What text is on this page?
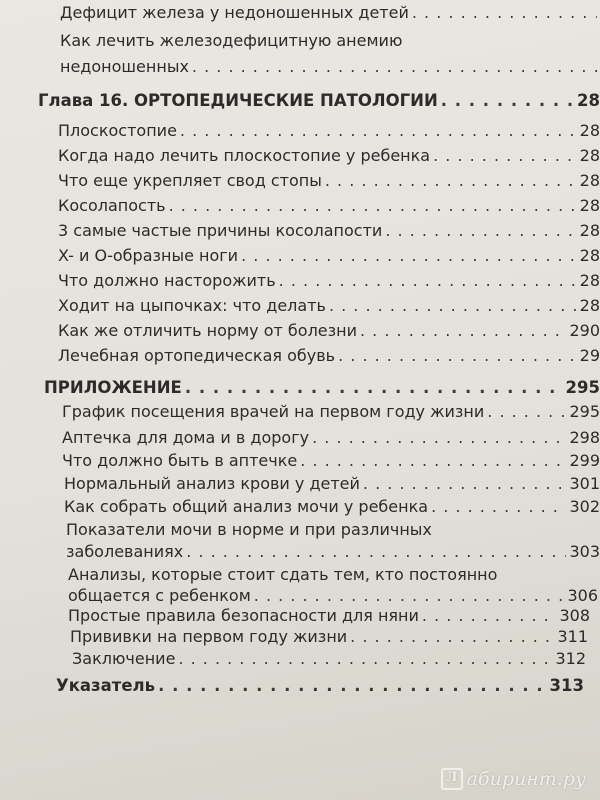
Дефицит железа у недоношенных детей
. . .
Как лечить железодефицитную анемию
недоношенных
. . .
Глава 16. ОРТОПЕДИЧЕСКИЕ ПАТОЛОГИИ . . .	28
Плоскостопие . . .	28
Когда надо лечить плоскостопие у ребенка . . .	28
Что еще укрепляет свод стопы . . .	28
Косолапость . . .	28
3 самые частые причины косолапости . . .	28
X- и О-образные ноги . . .	28
Что должно насторожить . . .	28
Ходит на цыпочках: что делать . . .	28
Как же отличить норму от болезни . . .	290
Лечебная ортопедическая обувь . . .	29
ПРИЛОЖЕНИЕ . . .	295
График посещения врачей на первом году жизни . . .	295
Аптечка для дома и в дорогу . . .	298
Что должно быть в аптечке . . .	299
Нормальный анализ крови у детей . . .	301
Как собрать общий анализ мочи у ребенка . . .	302
Показатели мочи в норме и при различных
заболеваниях . . .	303
Анализы, которые стоит сдать тем, кто постоянно
общается с ребенком . . .	306
Простые правила безопасности для няни . . .	308
Прививки на первом году жизни . . .	311
Заключение . . .	312
Указатель . . .	313
Л абиринт.ру
